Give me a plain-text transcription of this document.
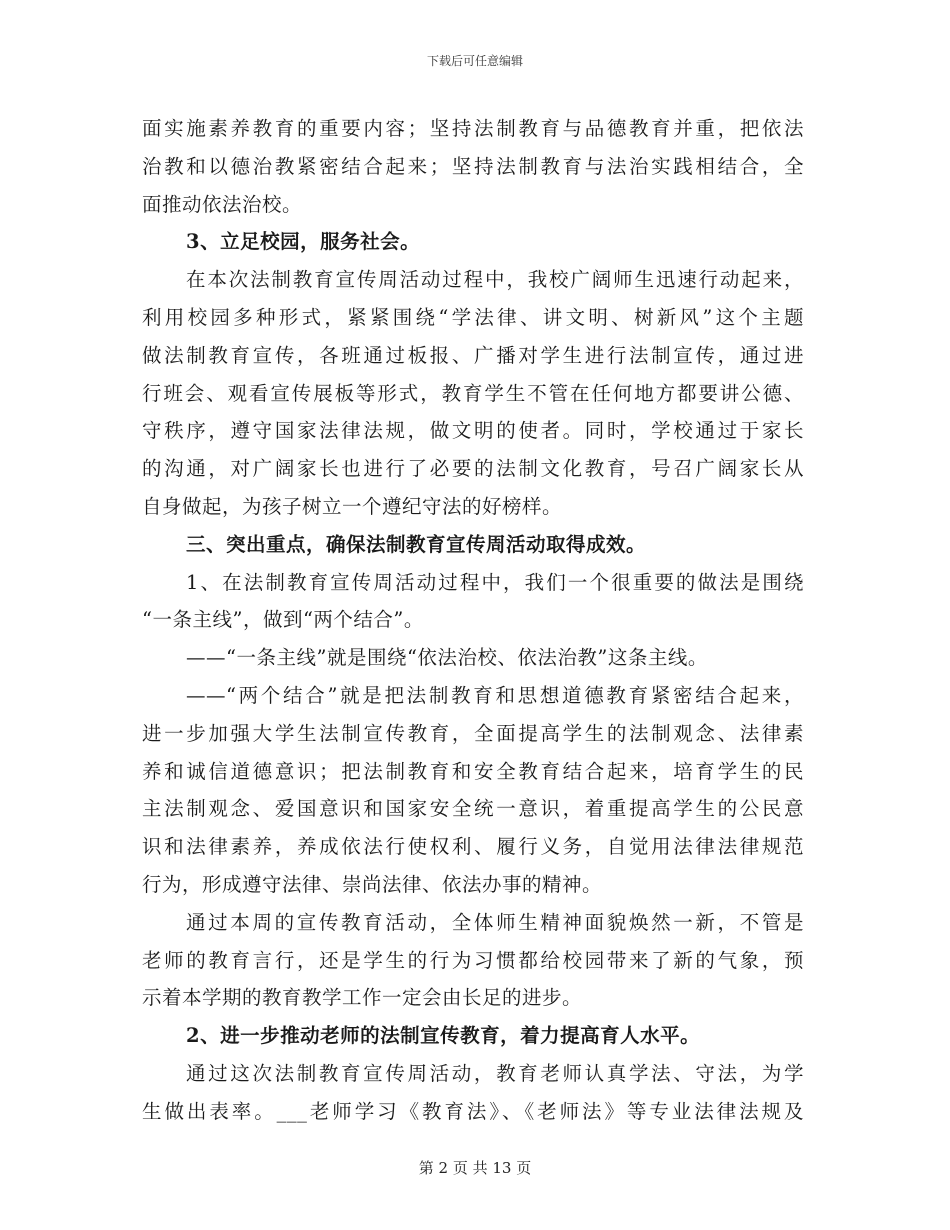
下载后可任意编辑
面实施素养教育的重要内容；坚持法制教育与品德教育并重，把依法
治教和以德治教紧密结合起来；坚持法制教育与法治实践相结合，全
面推动依法治校。
3、立足校园，服务社会。
在本次法制教育宣传周活动过程中，我校广阔师生迅速行动起来，
利用校园多种形式，紧紧围绕“学法律、讲文明、树新风”这个主题
做法制教育宣传，各班通过板报、广播对学生进行法制宣传，通过进
行班会、观看宣传展板等形式，教育学生不管在任何地方都要讲公德、
守秩序，遵守国家法律法规，做文明的使者。同时，学校通过于家长
的沟通，对广阔家长也进行了必要的法制文化教育，号召广阔家长从
自身做起，为孩子树立一个遵纪守法的好榜样。
三、突出重点，确保法制教育宣传周活动取得成效。
1、在法制教育宣传周活动过程中，我们一个很重要的做法是围绕
“一条主线”，做到“两个结合”。
——“一条主线”就是围绕“依法治校、依法治教”这条主线。
——“两个结合”就是把法制教育和思想道德教育紧密结合起来，
进一步加强大学生法制宣传教育，全面提高学生的法制观念、法律素
养和诚信道德意识；把法制教育和安全教育结合起来，培育学生的民
主法制观念、爱国意识和国家安全统一意识，着重提高学生的公民意
识和法律素养，养成依法行使权利、履行义务，自觉用法律法律规范
行为，形成遵守法律、崇尚法律、依法办事的精神。
通过本周的宣传教育活动，全体师生精神面貌焕然一新，不管是
老师的教育言行，还是学生的行为习惯都给校园带来了新的气象，预
示着本学期的教育教学工作一定会由长足的进步。
2、进一步推动老师的法制宣传教育，着力提高育人水平。
通过这次法制教育宣传周活动，教育老师认真学法、守法，为学
生做出表率。___老师学习《教育法》、《老师法》等专业法律法规及
第 2 页 共 13 页
